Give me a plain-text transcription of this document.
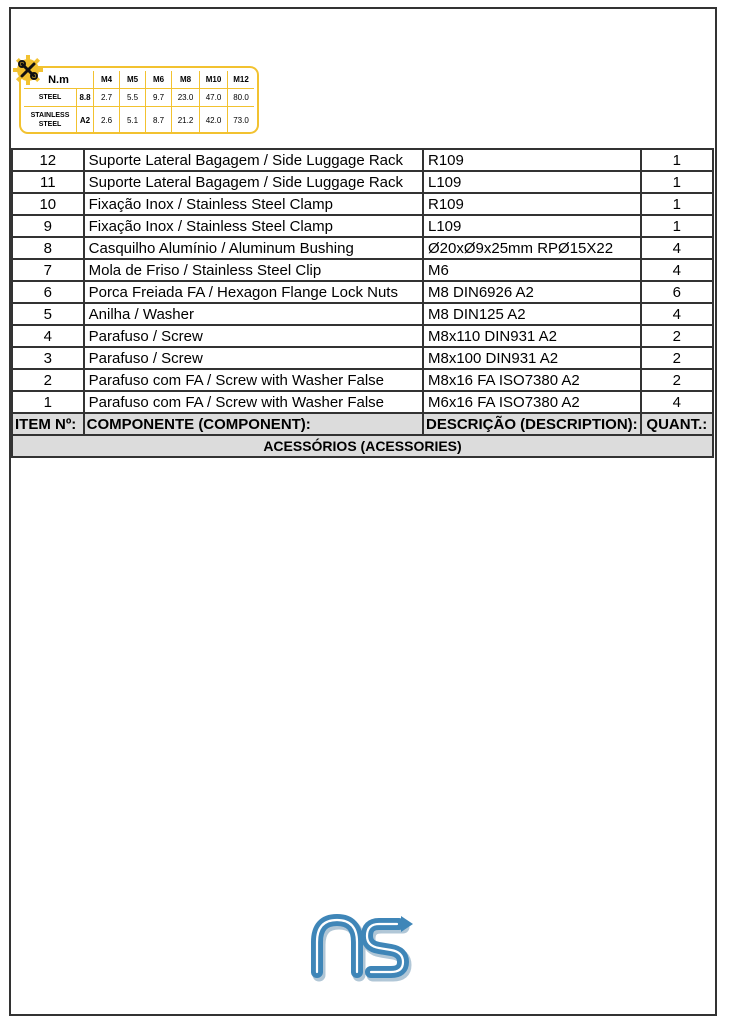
N.m		M4	M5	M6	M8	M10	M12
STEEL	8.8	2.7	5.5	9.7	23.0	47.0	80.0
STAINLESS STEEL	A2	2.6	5.1	8.7	21.2	42.0	73.0
12	Suporte Lateral Bagagem / Side Luggage Rack	R109	1
11	Suporte Lateral Bagagem / Side Luggage Rack	L109	1
10	Fixação Inox / Stainless Steel Clamp	R109	1
9	Fixação Inox / Stainless Steel Clamp	L109	1
8	Casquilho Alumínio / Aluminum Bushing	Ø20xØ9x25mm RPØ15X22	4
7	Mola de Friso / Stainless Steel Clip	M6	4
6	Porca Freiada FA / Hexagon Flange Lock Nuts	M8 DIN6926 A2	6
5	Anilha / Washer	M8 DIN125 A2	4
4	Parafuso / Screw	M8x110 DIN931 A2	2
3	Parafuso / Screw	M8x100 DIN931 A2	2
2	Parafuso com FA / Screw with Washer False	M8x16 FA ISO7380 A2	2
1	Parafuso com FA / Screw with Washer False	M6x16 FA ISO7380 A2	4
ITEM Nº:	COMPONENTE (COMPONENT):	DESCRIÇÃO (DESCRIPTION):	QUANT.:
ACESSÓRIOS (ACESSORIES)			
